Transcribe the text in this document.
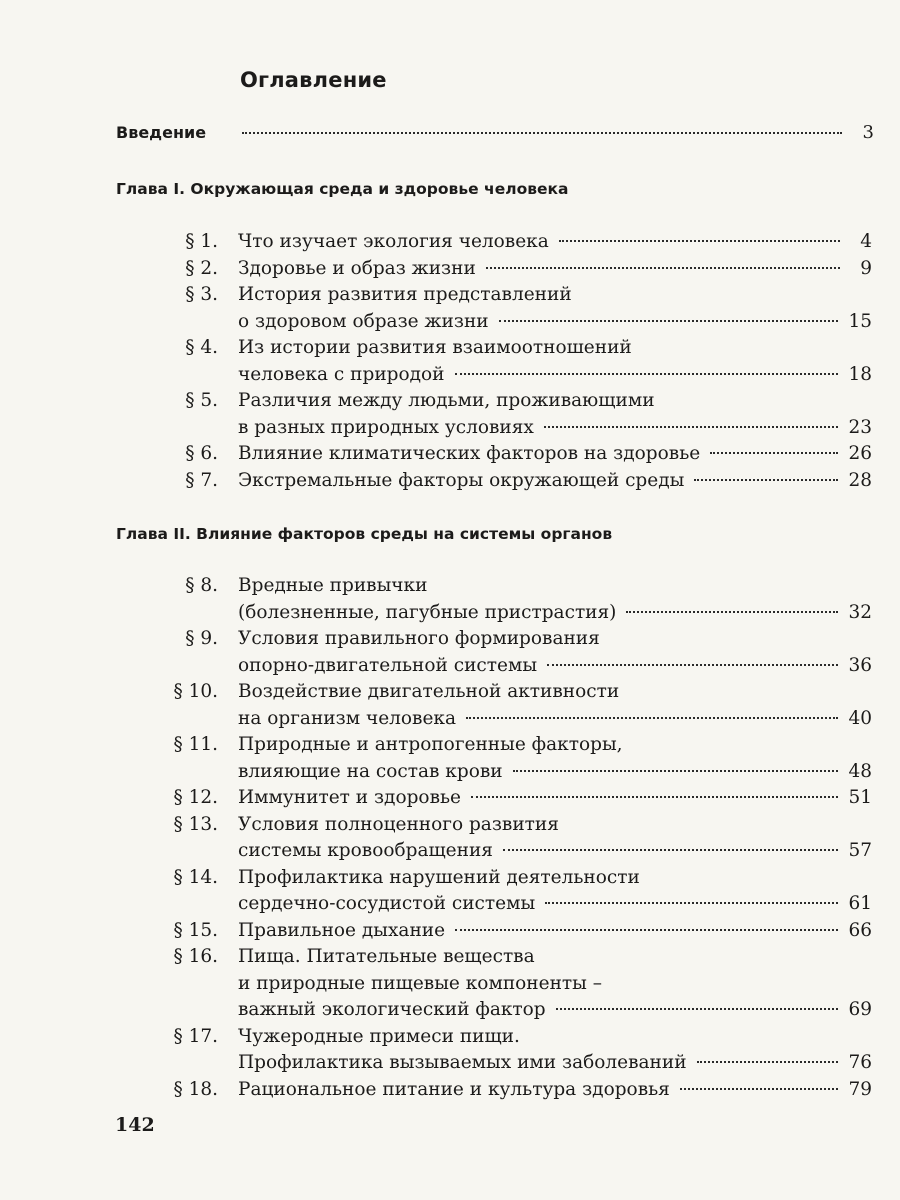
Оглавление
Введение	3
Глава I. Окружающая среда и здоровье человека
§ 1. Что изучает экология человека	4
§ 2. Здоровье и образ жизни	9
§ 3. История развития представлений
о здоровом образе жизни	15
§ 4. Из истории развития взаимоотношений
человека с природой	18
§ 5. Различия между людьми, проживающими
в разных природных условиях	23
§ 6. Влияние климатических факторов на здоровье	26
§ 7. Экстремальные факторы окружающей среды	28
Глава II. Влияние факторов среды на системы органов
§ 8. Вредные привычки
(болезненные, пагубные пристрастия)	32
§ 9. Условия правильного формирования
опорно-двигательной системы	36
§ 10. Воздействие двигательной активности
на организм человека	40
§ 11. Природные и антропогенные факторы,
влияющие на состав крови	48
§ 12. Иммунитет и здоровье	51
§ 13. Условия полноценного развития
системы кровообращения	57
§ 14. Профилактика нарушений деятельности
сердечно-сосудистой системы	61
§ 15. Правильное дыхание	66
§ 16. Пища. Питательные вещества
и природные пищевые компоненты –
важный экологический фактор	69
§ 17. Чужеродные примеси пищи.
Профилактика вызываемых ими заболеваний	76
§ 18. Рациональное питание и культура здоровья	79
142
